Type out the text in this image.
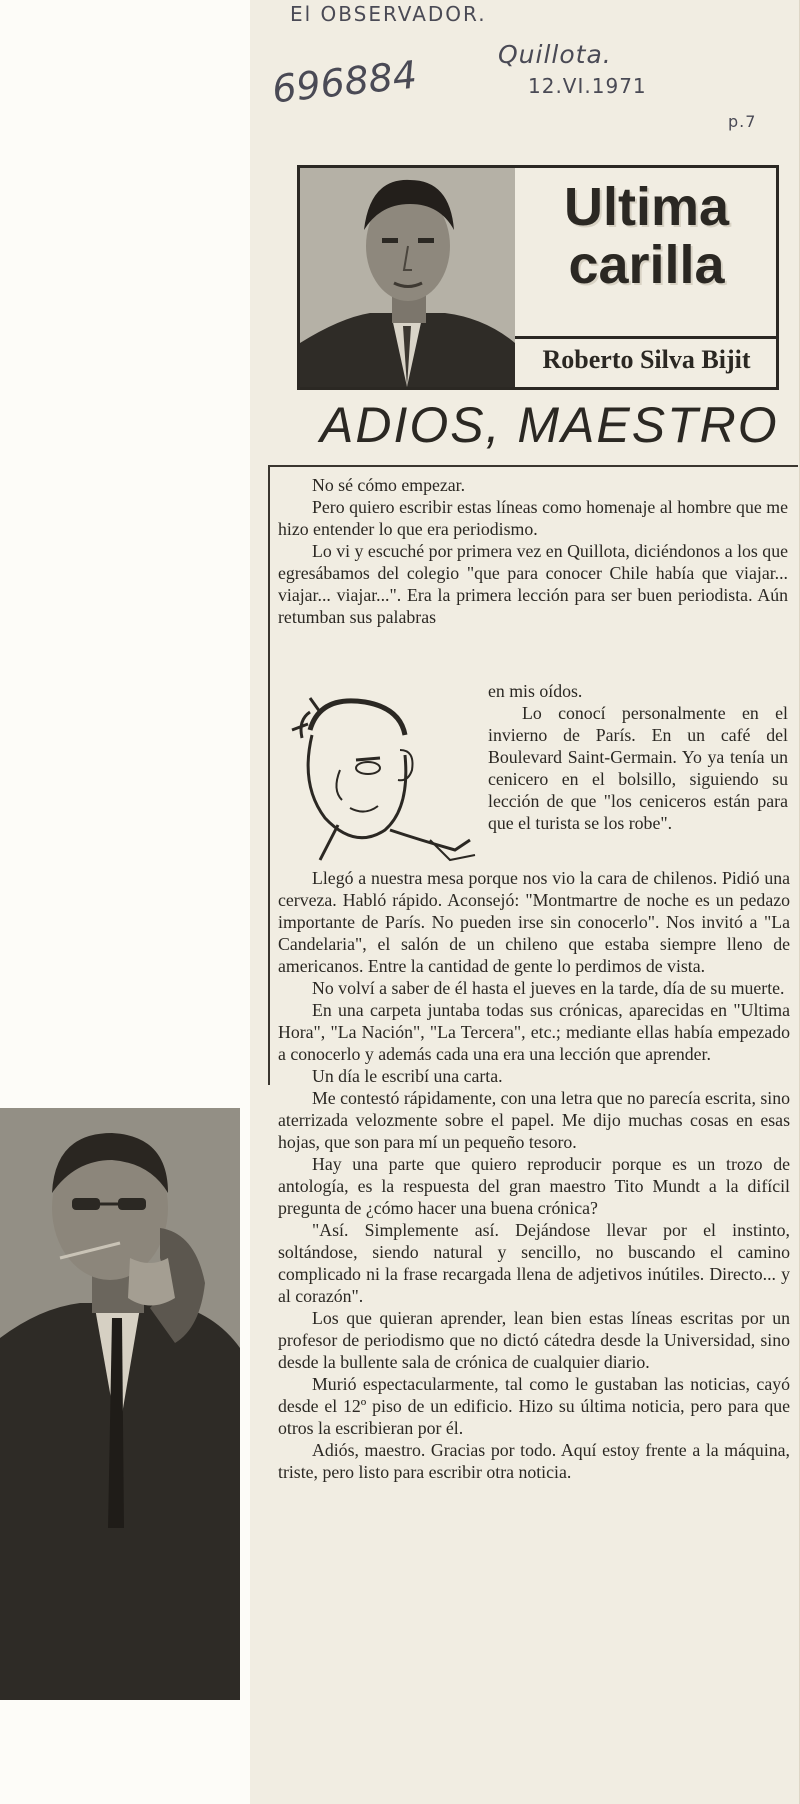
El OBSERVADOR.
696884	Quillota.
12.VI.1971
p.7
Ultima
carilla
Roberto Silva Bijit
ADIOS, MAESTRO

No sé cómo empezar.

Pero quiero escribir estas líneas como homenaje al hombre que me hizo entender lo que era periodismo.

Lo vi y escuché por primera vez en Quillota, diciéndonos a los que egresábamos del colegio "que para conocer Chile había que viajar... viajar... viajar...". Era la primera lección para ser buen periodista. Aún retumban sus palabras

en mis oídos.

Lo conocí personalmente en el invierno de París. En un café del Boulevard Saint-Germain. Yo ya tenía un cenicero en el bolsillo, siguiendo su lección de que "los ceniceros están para que el turista se los robe".

Llegó a nuestra mesa porque nos vio la cara de chilenos. Pidió una cerveza. Habló rápido. Aconsejó: "Montmartre de noche es un pedazo importante de París. No pueden irse sin conocerlo". Nos invitó a "La Candelaria", el salón de un chileno que estaba siempre lleno de americanos. Entre la cantidad de gente lo perdimos de vista.

No volví a saber de él hasta el jueves en la tarde, día de su muerte.

En una carpeta juntaba todas sus crónicas, aparecidas en "Ultima Hora", "La Nación", "La Tercera", etc.; mediante ellas había empezado a conocerlo y además cada una era una lección que aprender.

Un día le escribí una carta.

Me contestó rápidamente, con una letra que no parecía escrita, sino aterrizada velozmente sobre el papel. Me dijo muchas cosas en esas hojas, que son para mí un pequeño tesoro.

Hay una parte que quiero reproducir porque es un trozo de antología, es la respuesta del gran maestro Tito Mundt a la difícil pregunta de ¿cómo hacer una buena crónica?

"Así. Simplemente así. Dejándose llevar por el instinto, soltándose, siendo natural y sencillo, no buscando el camino complicado ni la frase recargada llena de adjetivos inútiles. Directo... y al corazón".

Los que quieran aprender, lean bien estas líneas escritas por un profesor de periodismo que no dictó cátedra desde la Universidad, sino desde la bullente sala de crónica de cualquier diario.

Murió espectacularmente, tal como le gustaban las noticias, cayó desde el 12º piso de un edificio. Hizo su última noticia, pero para que otros la escribieran por él.

Adiós, maestro. Gracias por todo. Aquí estoy frente a la máquina, triste, pero listo para escribir otra noticia.
